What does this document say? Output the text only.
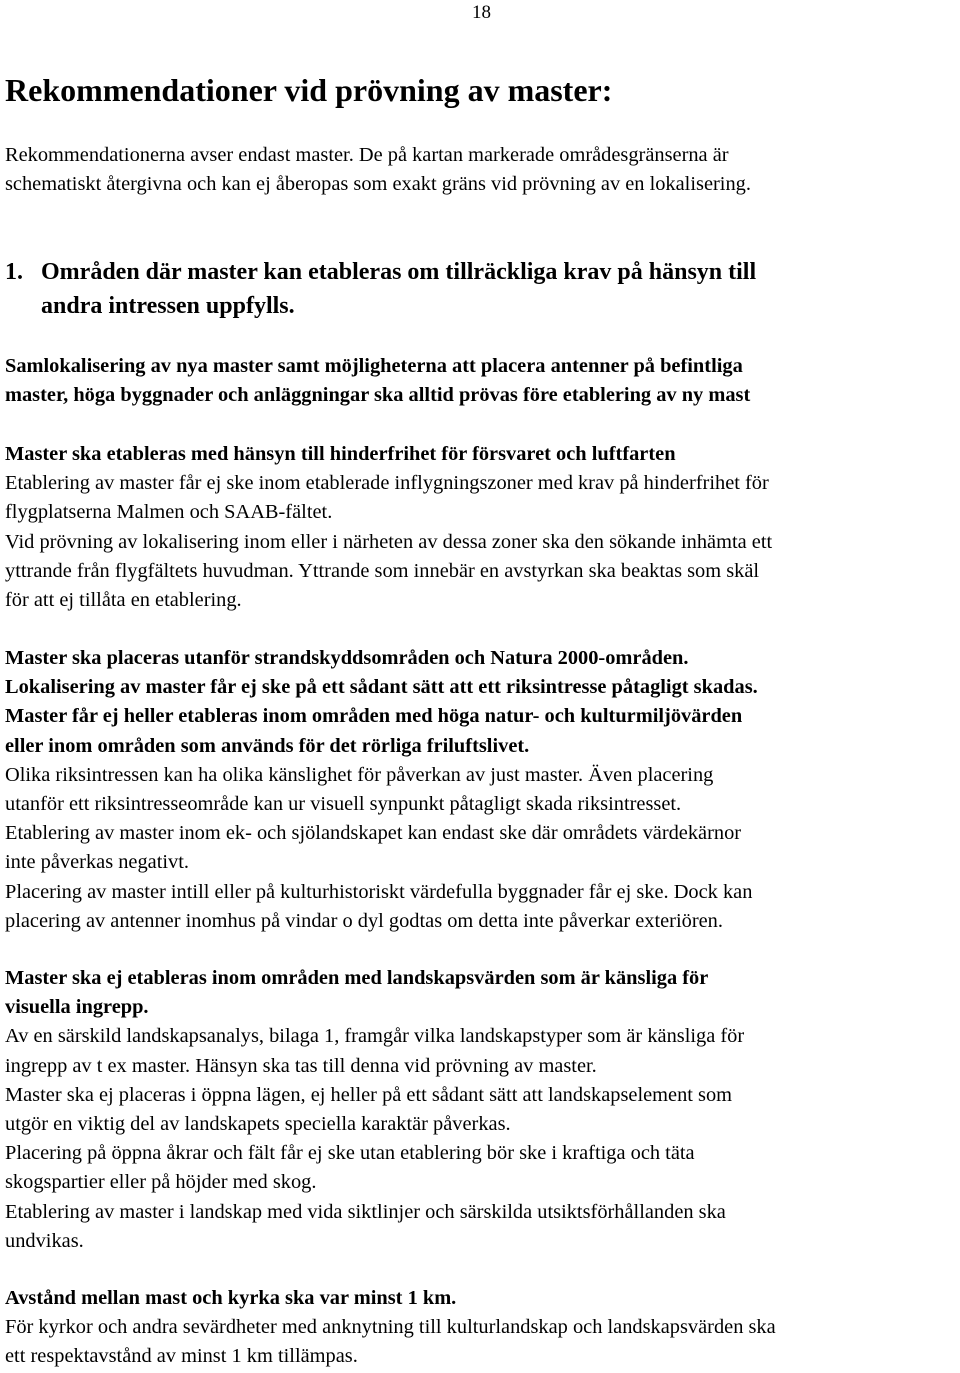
18
Rekommendationer vid prövning av master:

Rekommendationerna avser endast master. De på kartan markerade områdesgränserna är
schematiskt återgivna och kan ej åberopas som exakt gräns vid prövning av en lokalisering.

1. Områden där master kan etableras om tillräckliga krav på hänsyn till
andra intressen uppfylls.

Samlokalisering av nya master samt möjligheterna att placera antenner på befintliga
master, höga byggnader och anläggningar ska alltid prövas före etablering av ny mast

Master ska etableras med hänsyn till hinderfrihet för försvaret och luftfarten
Etablering av master får ej ske inom etablerade inflygningszoner med krav på hinderfrihet för
flygplatserna Malmen och SAAB-fältet.
Vid prövning av lokalisering inom eller i närheten av dessa zoner ska den sökande inhämta ett
yttrande från flygfältets huvudman. Yttrande som innebär en avstyrkan ska beaktas som skäl
för att ej tillåta en etablering.
Master ska placeras utanför strandskyddsområden och Natura 2000-områden.
Lokalisering av master får ej ske på ett sådant sätt att ett riksintresse påtagligt skadas.
Master får ej heller etableras inom områden med höga natur- och kulturmiljövärden
eller inom områden som används för det rörliga friluftslivet.
Olika riksintressen kan ha olika känslighet för påverkan av just master. Även placering
utanför ett riksintresseområde kan ur visuell synpunkt påtagligt skada riksintresset.
Etablering av master inom ek- och sjölandskapet kan endast ske där områdets värdekärnor
inte påverkas negativt.
Placering av master intill eller på kulturhistoriskt värdefulla byggnader får ej ske. Dock kan
placering av antenner inomhus på vindar o dyl godtas om detta inte påverkar exteriören.
Master ska ej etableras inom områden med landskapsvärden som är känsliga för
visuella ingrepp.
Av en särskild landskapsanalys, bilaga 1, framgår vilka landskapstyper som är känsliga för
ingrepp av t ex master. Hänsyn ska tas till denna vid prövning av master.
Master ska ej placeras i öppna lägen, ej heller på ett sådant sätt att landskapselement som
utgör en viktig del av landskapets speciella karaktär påverkas.
Placering på öppna åkrar och fält får ej ske utan etablering bör ske i kraftiga och täta
skogspartier eller på höjder med skog.
Etablering av master i landskap med vida siktlinjer och särskilda utsiktsförhållanden ska
undvikas.
Avstånd mellan mast och kyrka ska var minst 1 km.
För kyrkor och andra sevärdheter med anknytning till kulturlandskap och landskapsvärden ska
ett respektavstånd av minst 1 km tillämpas.
